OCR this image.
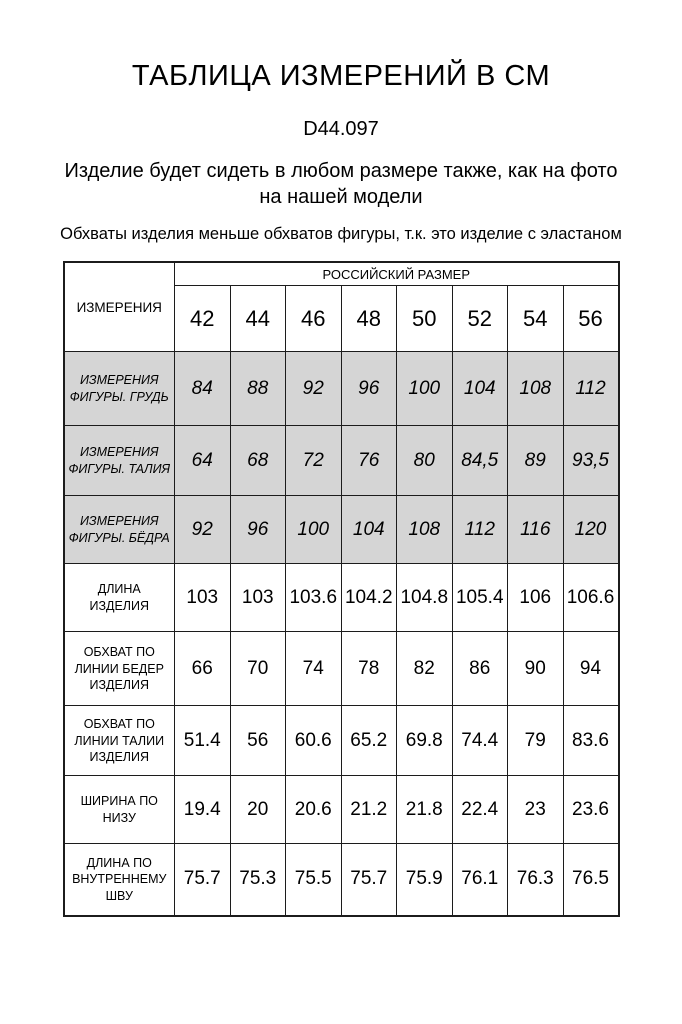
ТАБЛИЦА ИЗМЕРЕНИЙ В СМ
D44.097
Изделие будет сидеть в любом размере также, как на фото на нашей модели
Обхваты изделия меньше обхватов фигуры, т.к. это изделие с эластаном
ИЗМЕРЕНИЯ	РОССИЙСКИЙ РАЗМЕР							
	42	44	46	48	50	52	54	56
ИЗМЕРЕНИЯ ФИГУРЫ. ГРУДЬ	84	88	92	96	100	104	108	112
ИЗМЕРЕНИЯ ФИГУРЫ. ТАЛИЯ	64	68	72	76	80	84,5	89	93,5
ИЗМЕРЕНИЯ ФИГУРЫ. БЁДРА	92	96	100	104	108	112	116	120
ДЛИНА ИЗДЕЛИЯ	103	103	103.6	104.2	104.8	105.4	106	106.6
ОБХВАТ ПО ЛИНИИ БЕДЕР ИЗДЕЛИЯ	66	70	74	78	82	86	90	94
ОБХВАТ ПО ЛИНИИ ТАЛИИ ИЗДЕЛИЯ	51.4	56	60.6	65.2	69.8	74.4	79	83.6
ШИРИНА ПО НИЗУ	19.4	20	20.6	21.2	21.8	22.4	23	23.6
ДЛИНА ПО ВНУТРЕННЕМУ ШВУ	75.7	75.3	75.5	75.7	75.9	76.1	76.3	76.5
